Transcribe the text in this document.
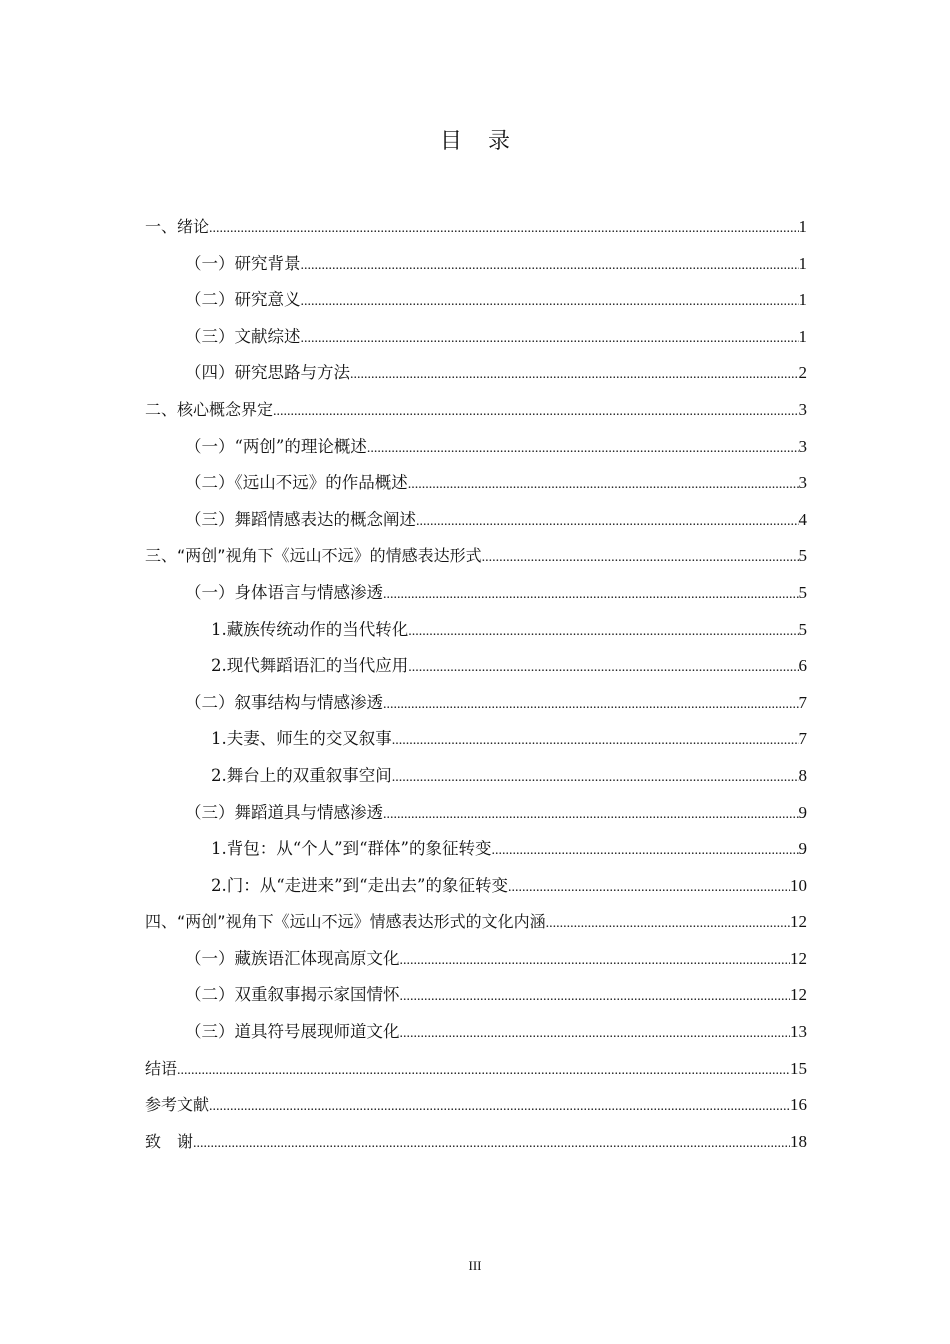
目录
一、绪论 .....	1
（一）研究背景 .....	1
（二）研究意义 .....	1
（三）文献综述 .....	1
（四）研究思路与方法 .....	2
二、核心概念界定 .....	3
（一）“两创”的理论概述 .....	3
（二）《远山不远》的作品概述 .....	3
（三）舞蹈情感表达的概念阐述 .....	4
三、“两创”视角下《远山不远》的情感表达形式 .....	5
（一）身体语言与情感渗透 .....	5
1.藏族传统动作的当代转化 .....	5
2.现代舞蹈语汇的当代应用 .....	6
（二）叙事结构与情感渗透 .....	7
1.夫妻、师生的交叉叙事 .....	7
2.舞台上的双重叙事空间 .....	8
（三）舞蹈道具与情感渗透 .....	9
1.背包：从“个人”到“群体”的象征转变 .....	9
2.门：从“走进来”到“走出去”的象征转变 .....	10
四、“两创”视角下《远山不远》情感表达形式的文化内涵 .....	12
（一）藏族语汇体现高原文化 .....	12
（二）双重叙事揭示家国情怀 .....	12
（三）道具符号展现师道文化 .....	13
结语 .....	15
参考文献 .....	16
致　谢 .....	18
III
